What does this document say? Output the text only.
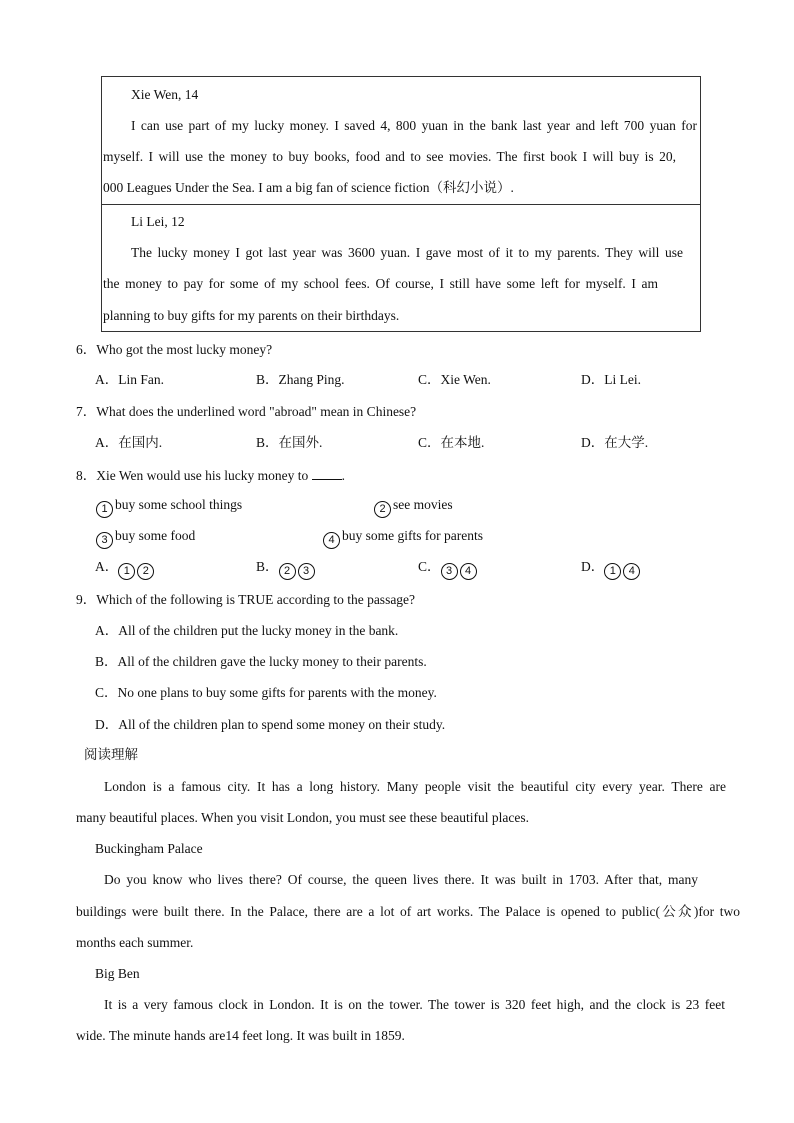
Xie Wen, 14
I can use part of my lucky money. I saved 4, 800 yuan in the bank last year and left 700 yuan for
myself. I will use the money to buy books, food and to see movies. The first book I will buy is 20,
000 Leagues Under the Sea. I am a big fan of science fiction（科幻小说）.
Li Lei, 12
The lucky money I got last year was 3600 yuan. I gave most of it to my parents. They will use
the money to pay for some of my school fees. Of course, I still have some left for myself. I am
planning to buy gifts for my parents on their birthdays.
6．Who got the most lucky money?
A．Lin Fan.	B．Zhang Ping.	C．Xie Wen.	D．Li Lei.
7．What does the underlined word "abroad" mean in Chinese?
A．在国内.	B．在国外.	C．在本地.	D．在大学.
8．Xie Wen would use his lucky money to .
1 buy some school things	2 see movies
3 buy some food	4 buy some gifts for parents
A． 1 2	B． 2 3	C． 3 4	D． 1 4
9．Which of the following is TRUE according to the passage?
A．All of the children put the lucky money in the bank.
B．All of the children gave the lucky money to their parents.
C．No one plans to buy some gifts for parents with the money.
D．All of the children plan to spend some money on their study.
阅读理解
London is a famous city. It has a long history. Many people visit the beautiful city every year. There are
many beautiful places. When you visit London, you must see these beautiful places.
Buckingham Palace
Do you know who lives there? Of course, the queen lives there. It was built in 1703. After that, many
buildings were built there. In the Palace, there are a lot of art works. The Palace is opened to public(公众)for two
months each summer.
Big Ben
It is a very famous clock in London. It is on the tower. The tower is 320 feet high, and the clock is 23 feet
wide. The minute hands are14 feet long. It was built in 1859.
